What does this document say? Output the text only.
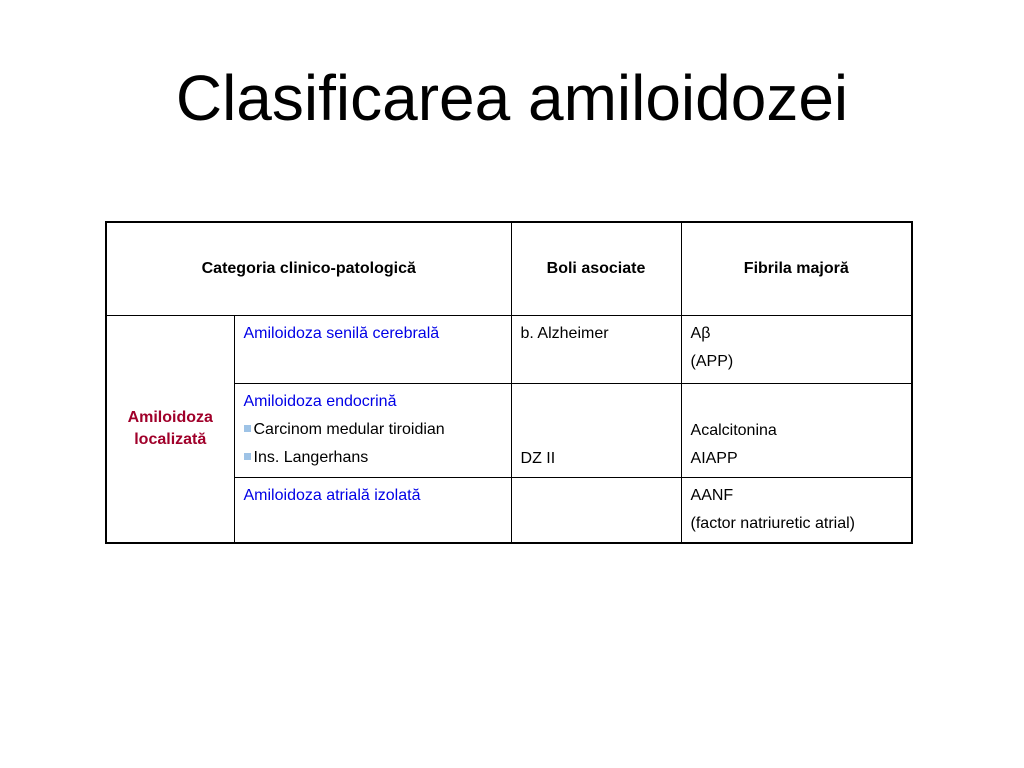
Clasificarea amiloidozei
Categoria clinico-patologică		Boli asociate	Fibrila majoră

Amiloidoza
localizată	Amiloidoza senilă cerebrală	b. Alzheimer	Aβ
(APP)

	Amiloidoza endocrină
Carcinom medular tiroidian
Ins. Langerhans	DZ II	Acalcitonina
AIAPP

	Amiloidoza atrială izolată		AANF
(factor natriuretic atrial)
